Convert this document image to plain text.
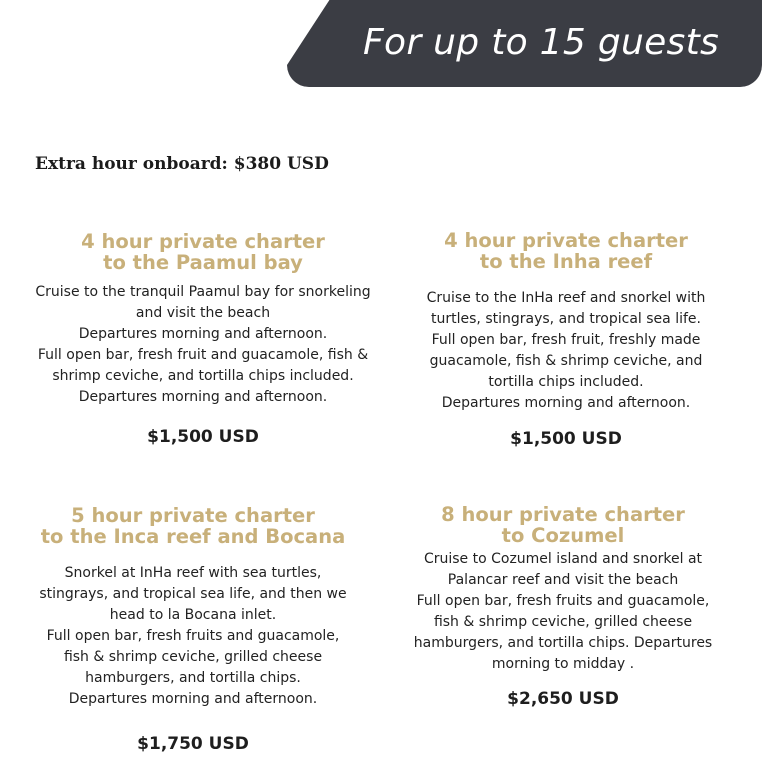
For up to 15 guests
Extra hour onboard: $380 USD
4 hour private charter
to the Paamul bay

Cruise to the tranquil Paamul bay for snorkeling

and visit the beach

Departures morning and afternoon.

Full open bar, fresh fruit and guacamole, fish &

shrimp ceviche, and tortilla chips included.

Departures morning and afternoon.

$1,500 USD
4 hour private charter
to the Inha reef

Cruise to the InHa reef and snorkel with

turtles, stingrays, and tropical sea life.

Full open bar, fresh fruit, freshly made

guacamole, fish & shrimp ceviche, and

tortilla chips included.

Departures morning and afternoon.

$1,500 USD
5 hour private charter
to the Inca reef and Bocana

Snorkel at InHa reef with sea turtles,

stingrays, and tropical sea life, and then we

head to la Bocana inlet.

Full open bar, fresh fruits and guacamole,

fish & shrimp ceviche, grilled cheese

hamburgers, and tortilla chips.

Departures morning and afternoon.

$1,750 USD
8 hour private charter
to Cozumel

Cruise to Cozumel island and snorkel at

Palancar reef and visit the beach

Full open bar, fresh fruits and guacamole,

fish & shrimp ceviche, grilled cheese

hamburgers, and tortilla chips. Departures

morning to midday .

$2,650 USD
